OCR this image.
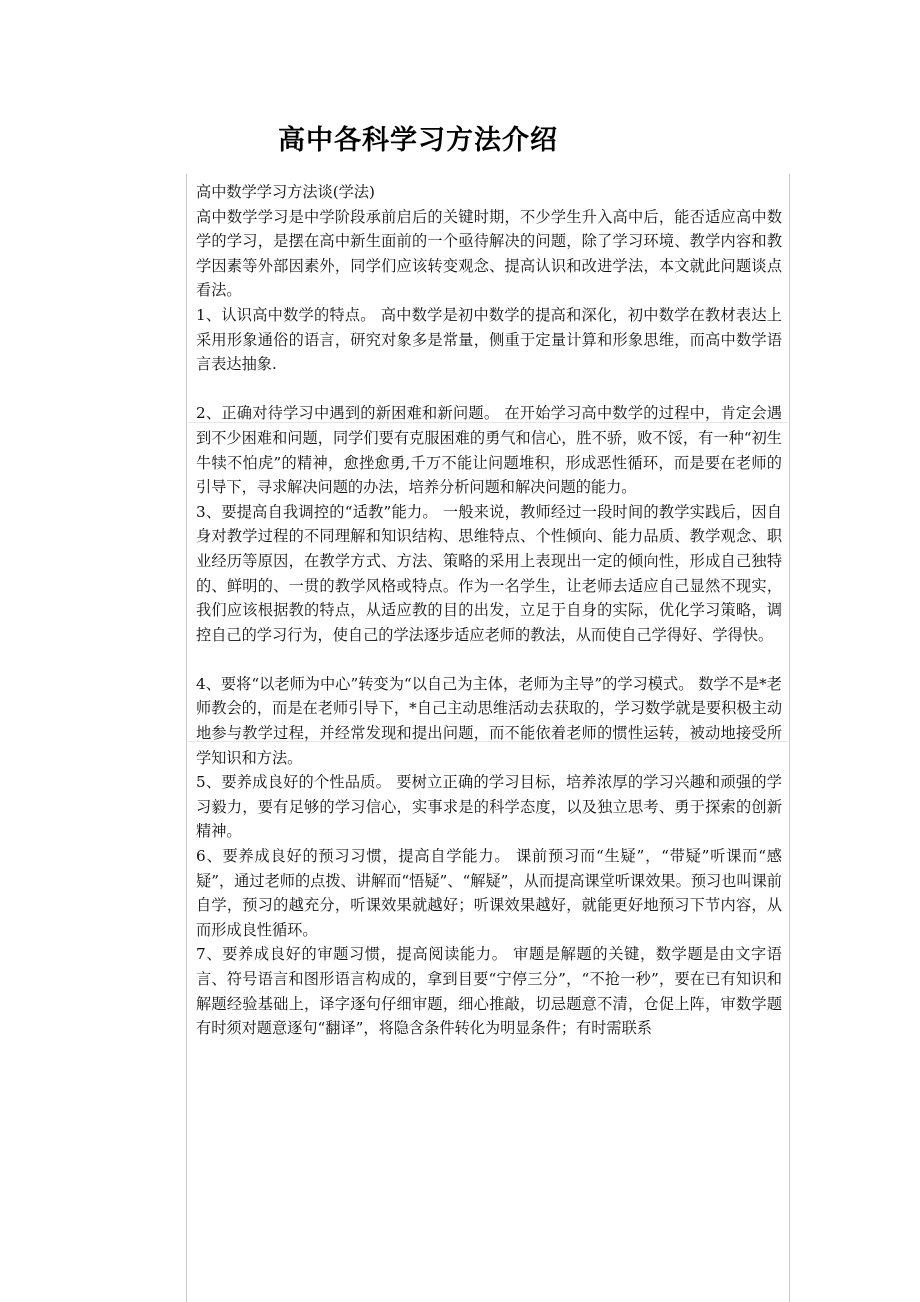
高中各科学习方法介绍

高中数学学习方法谈(学法)

高中数学学习是中学阶段承前启后的关键时期，不少学生升入高中后，能否适应高中数学的学习，是摆在高中新生面前的一个亟待解决的问题，除了学习环境、教学内容和教学因素等外部因素外，同学们应该转变观念、提高认识和改进学法，本文就此问题谈点看法。

1、认识高中数学的特点。 高中数学是初中数学的提高和深化，初中数学在教材表达上采用形象通俗的语言，研究对象多是常量，侧重于定量计算和形象思维，而高中数学语言表达抽象.

2、正确对待学习中遇到的新困难和新问题。 在开始学习高中数学的过程中，肯定会遇到不少困难和问题，同学们要有克服困难的勇气和信心，胜不骄，败不馁，有一种“初生牛犊不怕虎”的精神，愈挫愈勇,千万不能让问题堆积，形成恶性循环，而是要在老师的引导下，寻求解决问题的办法，培养分析问题和解决问题的能力。

3、要提高自我调控的“适教”能力。 一般来说，教师经过一段时间的教学实践后，因自身对教学过程的不同理解和知识结构、思维特点、个性倾向、能力品质、教学观念、职业经历等原因，在教学方式、方法、策略的采用上表现出一定的倾向性，形成自己独特的、鲜明的、一贯的教学风格或特点。作为一名学生，让老师去适应自己显然不现实，我们应该根据教的特点，从适应教的目的出发，立足于自身的实际，优化学习策略，调控自己的学习行为，使自己的学法逐步适应老师的教法，从而使自己学得好、学得快。

4、要将“以老师为中心”转变为“以自己为主体，老师为主导”的学习模式。 数学不是*老师教会的，而是在老师引导下，*自己主动思维活动去获取的，学习数学就是要积极主动地参与教学过程，并经常发现和提出问题，而不能依着老师的惯性运转，被动地接受所学知识和方法。

5、要养成良好的个性品质。 要树立正确的学习目标，培养浓厚的学习兴趣和顽强的学习毅力，要有足够的学习信心，实事求是的科学态度，以及独立思考、勇于探索的创新精神。

6、要养成良好的预习习惯，提高自学能力。 课前预习而“生疑”，“带疑”听课而“感疑”，通过老师的点拨、讲解而“悟疑”、“解疑”，从而提高课堂听课效果。预习也叫课前自学，预习的越充分，听课效果就越好；听课效果越好，就能更好地预习下节内容，从而形成良性循环。

7、要养成良好的审题习惯，提高阅读能力。 审题是解题的关键，数学题是由文字语言、符号语言和图形语言构成的，拿到目要“宁停三分”，“不抢一秒”，要在已有知识和解题经验基础上，译字逐句仔细审题，细心推敲，切忌题意不清，仓促上阵，审数学题有时须对题意逐句“翻译”，将隐含条件转化为明显条件；有时需联系
